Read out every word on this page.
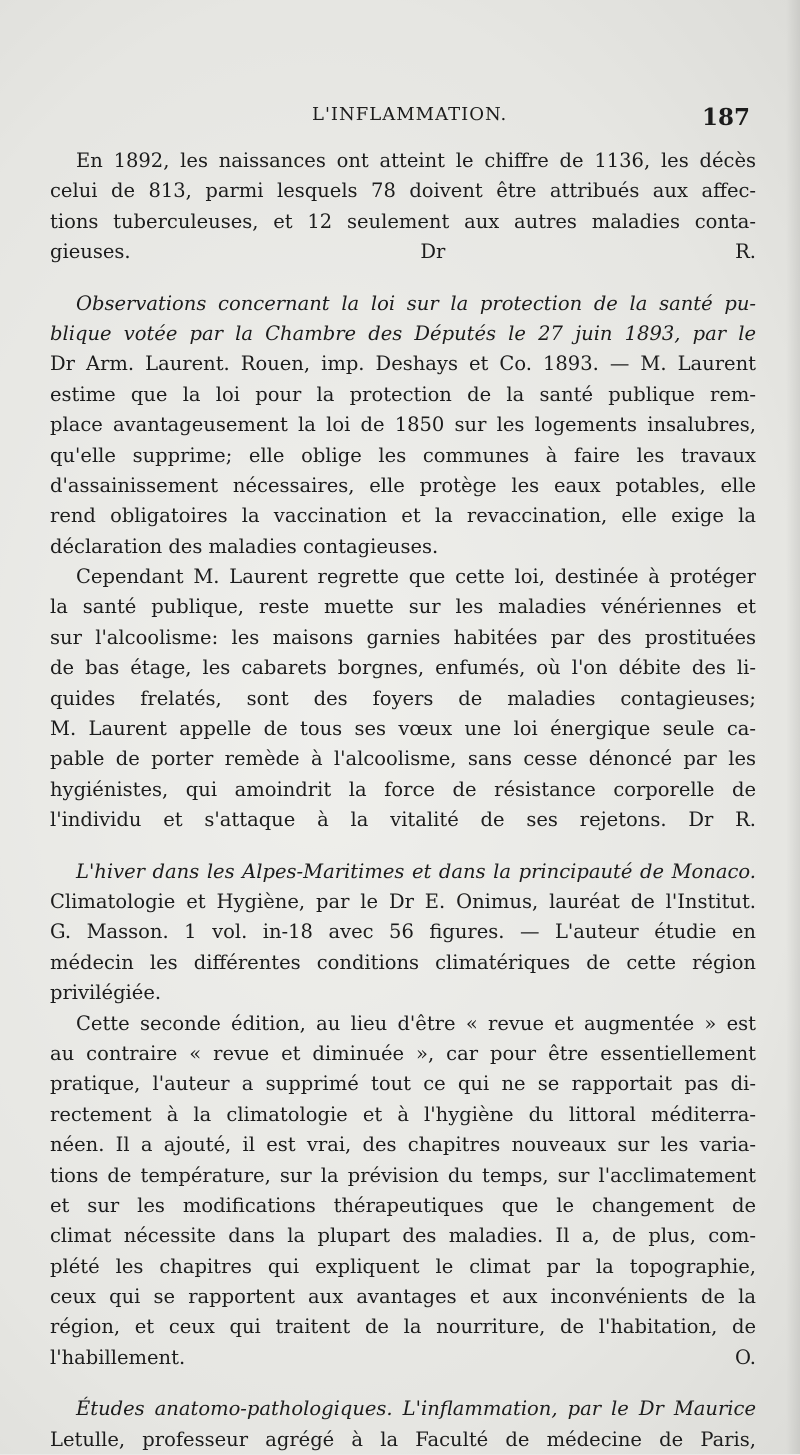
L'INFLAMMATION.	187
En 1892, les naissances ont atteint le chiffre de 1136, les décès
celui de 813, parmi lesquels 78 doivent être attribués aux affec-
tions tuberculeuses, et 12 seulement aux autres maladies conta-
gieuses. Dr R.
Observations concernant la loi sur la protection de la santé pu-
blique votée par la Chambre des Députés le 27 juin 1893, par le
Dr Arm. Laurent. Rouen, imp. Deshays et Co. 1893. — M. Laurent
estime que la loi pour la protection de la santé publique rem-
place avantageusement la loi de 1850 sur les logements insalubres,
qu'elle supprime; elle oblige les communes à faire les travaux
d'assainissement nécessaires, elle protège les eaux potables, elle
rend obligatoires la vaccination et la revaccination, elle exige la
déclaration des maladies contagieuses.
Cependant M. Laurent regrette que cette loi, destinée à protéger
la santé publique, reste muette sur les maladies vénériennes et
sur l'alcoolisme: les maisons garnies habitées par des prostituées
de bas étage, les cabarets borgnes, enfumés, où l'on débite des li-
quides frelatés, sont des foyers de maladies contagieuses;
M. Laurent appelle de tous ses vœux une loi énergique seule ca-
pable de porter remède à l'alcoolisme, sans cesse dénoncé par les
hygiénistes, qui amoindrit la force de résistance corporelle de
l'individu et s'attaque à la vitalité de ses rejetons. Dr R.
L'hiver dans les Alpes-Maritimes et dans la principauté de Monaco.
Climatologie et Hygiène, par le Dr E. Onimus, lauréat de l'Institut.
G. Masson. 1 vol. in-18 avec 56 figures. — L'auteur étudie en
médecin les différentes conditions climatériques de cette région
privilégiée.
Cette seconde édition, au lieu d'être « revue et augmentée » est
au contraire « revue et diminuée », car pour être essentiellement
pratique, l'auteur a supprimé tout ce qui ne se rapportait pas di-
rectement à la climatologie et à l'hygiène du littoral méditerra-
néen. Il a ajouté, il est vrai, des chapitres nouveaux sur les varia-
tions de température, sur la prévision du temps, sur l'acclimatement
et sur les modifications thérapeutiques que le changement de
climat nécessite dans la plupart des maladies. Il a, de plus, com-
plété les chapitres qui expliquent le climat par la topographie,
ceux qui se rapportent aux avantages et aux inconvénients de la
région, et ceux qui traitent de la nourriture, de l'habitation, de
l'habillement. O.
Études anatomo-pathologiques. L'inflammation, par le Dr Maurice
Letulle, professeur agrégé à la Faculté de médecine de Paris,
